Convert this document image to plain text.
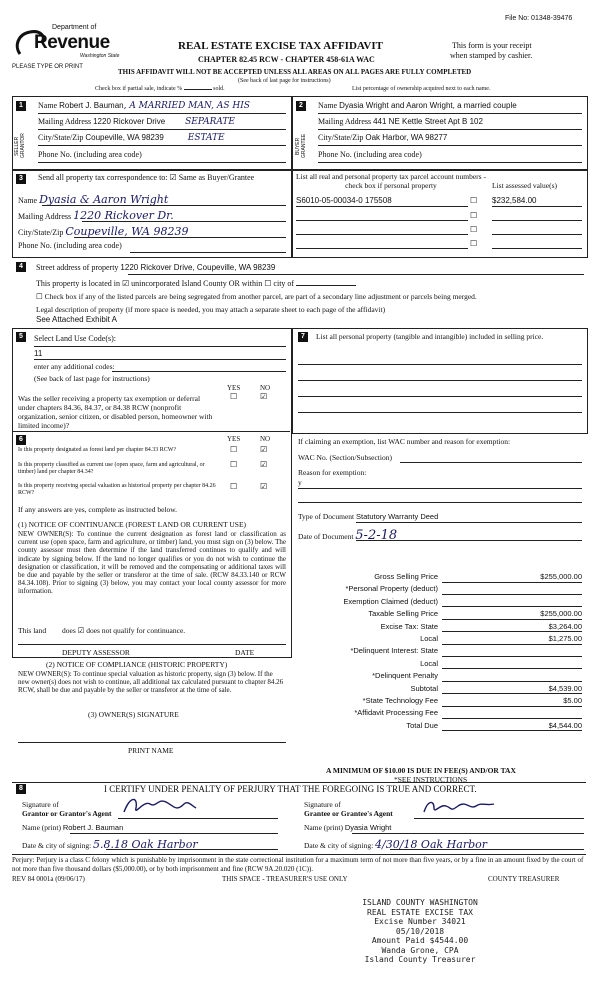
File No: 01348-39476
Department of
Revenue
Washington State
PLEASE TYPE OR PRINT
REAL ESTATE EXCISE TAX AFFIDAVIT
CHAPTER 82.45 RCW - CHAPTER 458-61A WAC
This form is your receipt
when stamped by cashier.
THIS AFFIDAVIT WILL NOT BE ACCEPTED UNLESS ALL AREAS ON ALL PAGES ARE FULLY COMPLETED
(See back of last page for instructions)
Check box if partial sale, indicate %	sold.	List percentage of ownership acquired next to each name.
1	2
SELLER GRANTOR	BUYER GRANTEE
Name Robert J. Bauman, A MARRIED MAN, AS HIS
Mailing Address 1220 Rickover Drive SEPARATE
City/State/Zip Coupeville, WA 98239	ESTATE
Phone No. (including area code)
Name Dyasia Wright and Aaron Wright, a married couple
Mailing Address 441 NE Kettle Street Apt B 102
City/State/Zip Oak Harbor, WA 98277
Phone No. (including area code)
3	Send all property tax correspondence to: ☑ Same as Buyer/Grantee
Name Dyasia & Aaron Wright
Mailing Address 1220 Rickover Dr.
City/State/Zip Coupeville, WA 98239
Phone No. (including area code)
List all real and personal property tax parcel account numbers - check box if personal property	List assessed value(s)
S6010-05-00034-0 175508	$232,584.00
☐
☐
☐
☐
4	Street address of property 1220 Rickover Drive, Coupeville, WA 98239
This property is located in ☑ unincorporated Island County OR within ☐ city of
☐ Check box if any of the listed parcels are being segregated from another parcel, are part of a secondary line adjustment or parcels being merged.
Legal description of property (if more space is needed, you may attach a separate sheet to each page of the affidavit)
See Attached Exhibit A
5	Select Land Use Code(s):
11
enter any additional codes:
(See back of last page for instructions)
YES	NO
Was the seller receiving a property tax exemption or deferral under chapters 84.36, 84.37, or 84.38 RCW (nonprofit organization, senior citizen, or disabled person, homeowner with limited income)?
☐	☑
6	YES	NO
Is this property designated as forest land per chapter 84.33 RCW?	☐	☑
Is this property classified as current use (open space, farm and agricultural, or timber) land per chapter 84.34?
☐	☑
Is this property receiving special valuation as historical property per chapter 84.26 RCW?
☐	☑
If any answers are yes, complete as instructed below.
(1) NOTICE OF CONTINUANCE (FOREST LAND OR CURRENT USE)
NEW OWNER(S): To continue the current designation as forest land or classification as current use (open space, farm and agriculture, or timber) land, you must sign on (3) below. The county assessor must then determine if the land transferred continues to qualify and will indicate by signing below. If the land no longer qualifies or you do not wish to continue the designation or classification, it will be removed and the compensating or additional taxes will be due and payable by the seller or transferor at the time of sale. (RCW 84.33.140 or RCW 84.34.108). Prior to signing (3) below, you may contact your local county assessor for more information.
This land does ☑ does not qualify for continuance.
DEPUTY ASSESSOR	DATE
(2) NOTICE OF COMPLIANCE (HISTORIC PROPERTY)
NEW OWNER(S): To continue special valuation as historic property, sign (3) below. If the new owner(s) does not wish to continue, all additional tax calculated pursuant to chapter 84.26 RCW, shall be due and payable by the seller or transferor at the time of sale.
(3) OWNER(S) SIGNATURE
PRINT NAME
7	List all personal property (tangible and intangible) included in selling price.
If claiming an exemption, list WAC number and reason for exemption:
WAC No. (Section/Subsection)
Reason for exemption:
y
Type of Document Statutory Warranty Deed
Date of Document 5-2-18
Gross Selling Price	$255,000.00
*Personal Property (deduct)
Exemption Claimed (deduct)
Taxable Selling Price	$255,000.00
Excise Tax: State	$3,264.00
Local	$1,275.00
*Delinquent Interest: State
Local
*Delinquent Penalty
Subtotal	$4,539.00
*State Technology Fee	$5.00
*Affidavit Processing Fee
Total Due	$4,544.00
A MINIMUM OF $10.00 IS DUE IN FEE(S) AND/OR TAX
*SEE INSTRUCTIONS
8	I CERTIFY UNDER PENALTY OF PERJURY THAT THE FOREGOING IS TRUE AND CORRECT.
Signature of
Grantor or Grantor's Agent
Name (print) Robert J. Bauman
Date & city of signing: 5.8.18 Oak Harbor
Signature of
Grantee or Grantee's Agent
Name (print) Dyasia Wright
Date & city of signing: 4/30/18 Oak Harbor
Perjury: Perjury is a class C felony which is punishable by imprisonment in the state correctional institution for a maximum term of not more than five years, or by a fine in an amount fixed by the court of not more than five thousand dollars ($5,000.00), or by both imprisonment and fine (RCW 9A.20.020 (1C)).
REV 84 0001a (09/06/17)	THIS SPACE - TREASURER'S USE ONLY	COUNTY TREASURER
ISLAND COUNTY WASHINGTON
REAL ESTATE EXCISE TAX
Excise Number 34021
05/10/2018
Amount Paid $4544.00
Wanda Grone, CPA
Island County Treasurer
